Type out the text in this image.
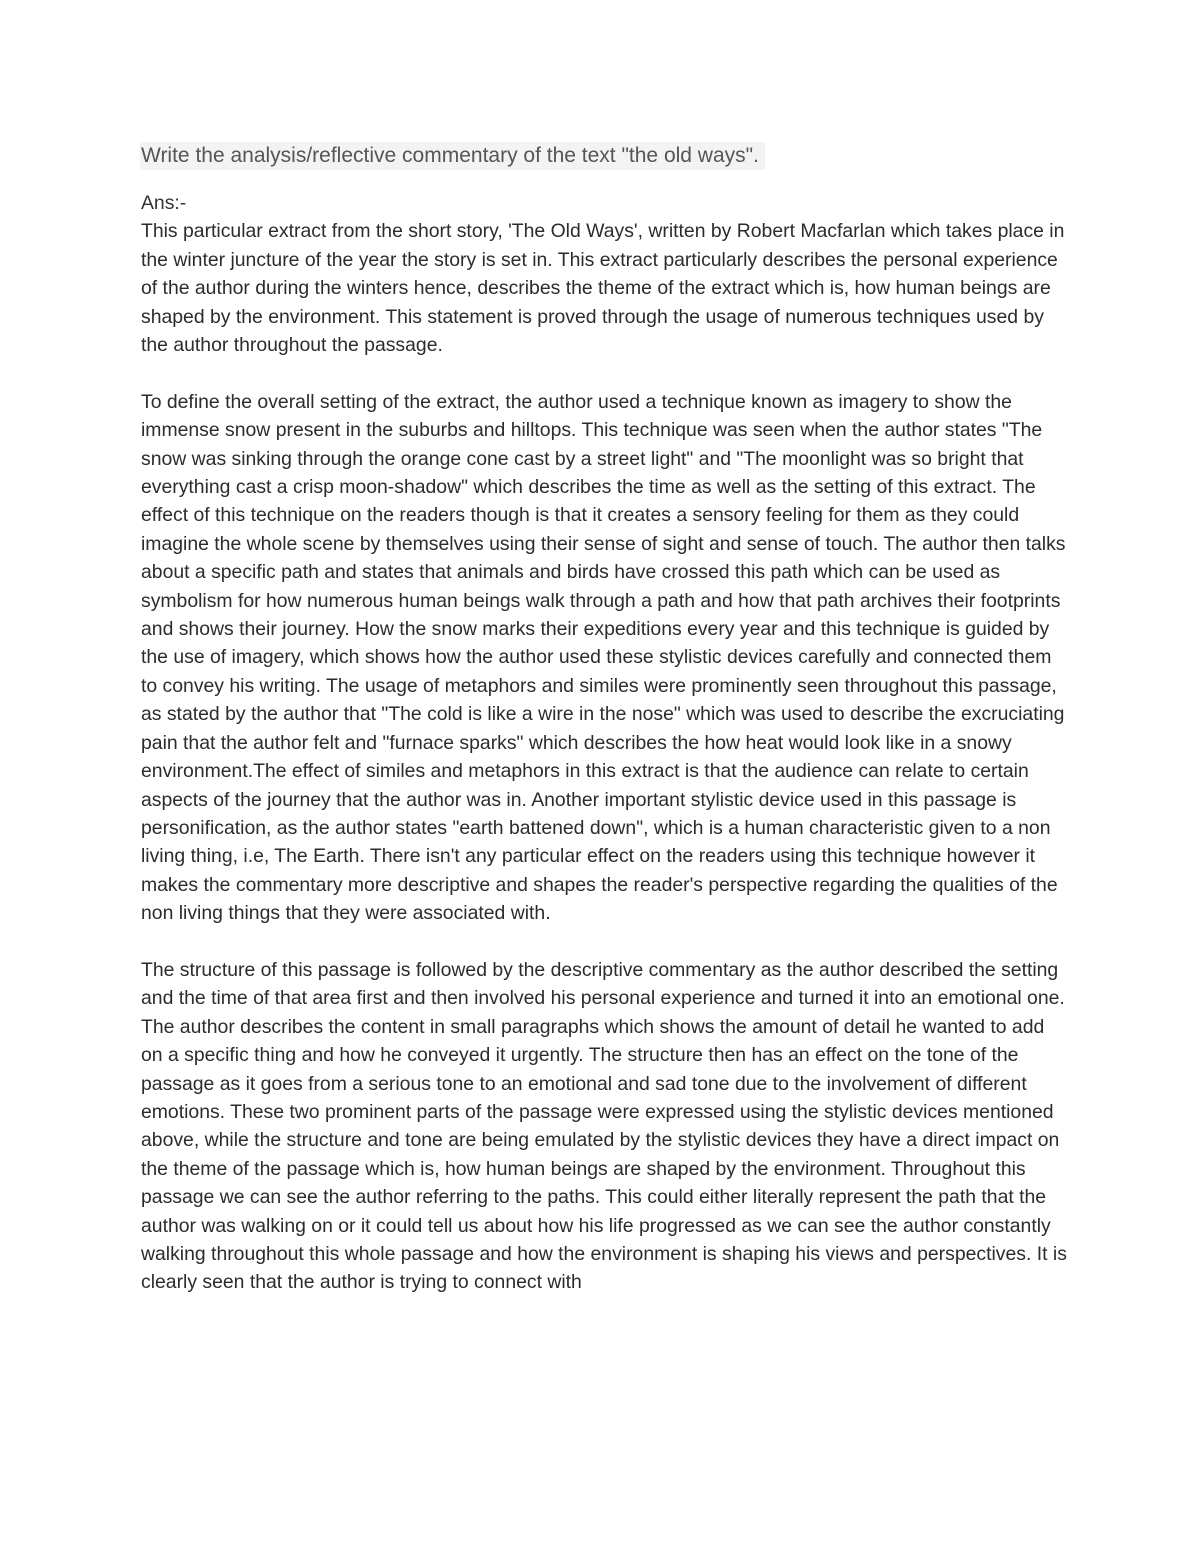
Write the analysis/reflective commentary of the text "the old ways".
Ans:-

This particular extract from the short story, 'The Old Ways', written by Robert Macfarlan which takes place in the winter juncture of the year the story is set in. This extract particularly describes the personal experience of the author during the winters hence, describes the theme of the extract which is, how human beings are shaped by the environment. This statement is proved through the usage of numerous techniques used by the author throughout the passage.

To define the overall setting of the extract, the author used a technique known as imagery to show the immense snow present in the suburbs and hilltops. This technique was seen when the author states "The snow was sinking through the orange cone cast by a street light" and "The moonlight was so bright that everything cast a crisp moon-shadow" which describes the time as well as the setting of this extract. The effect of this technique on the readers though is that it creates a sensory feeling for them as they could imagine the whole scene by themselves using their sense of sight and sense of touch. The author then talks about a specific path and states that animals and birds have crossed this path which can be used as symbolism for how numerous human beings walk through a path and how that path archives their footprints and shows their journey. How the snow marks their expeditions every year and this technique is guided by the use of imagery, which shows how the author used these stylistic devices carefully and connected them to convey his writing. The usage of metaphors and similes were prominently seen throughout this passage, as stated by the author that "The cold is like a wire in the nose" which was used to describe the excruciating pain that the author felt and "furnace sparks" which describes the how heat would look like in a snowy environment.The effect of similes and metaphors in this extract is that the audience can relate to certain aspects of the journey that the author was in. Another important stylistic device used in this passage is personification, as the author states "earth battened down", which is a human characteristic given to a non living thing, i.e, The Earth. There isn't any particular effect on the readers using this technique however it makes the commentary more descriptive and shapes the reader's perspective regarding the qualities of the non living things that they were associated with.

The structure of this passage is followed by the descriptive commentary as the author described the setting and the time of that area first and then involved his personal experience and turned it into an emotional one. The author describes the content in small paragraphs which shows the amount of detail he wanted to add on a specific thing and how he conveyed it urgently. The structure then has an effect on the tone of the passage as it goes from a serious tone to an emotional and sad tone due to the involvement of different emotions. These two prominent parts of the passage were expressed using the stylistic devices mentioned above, while the structure and tone are being emulated by the stylistic devices they have a direct impact on the theme of the passage which is, how human beings are shaped by the environment. Throughout this passage we can see the author referring to the paths. This could either literally represent the path that the author was walking on or it could tell us about how his life progressed as we can see the author constantly walking throughout this whole passage and how the environment is shaping his views and perspectives. It is clearly seen that the author is trying to connect with
